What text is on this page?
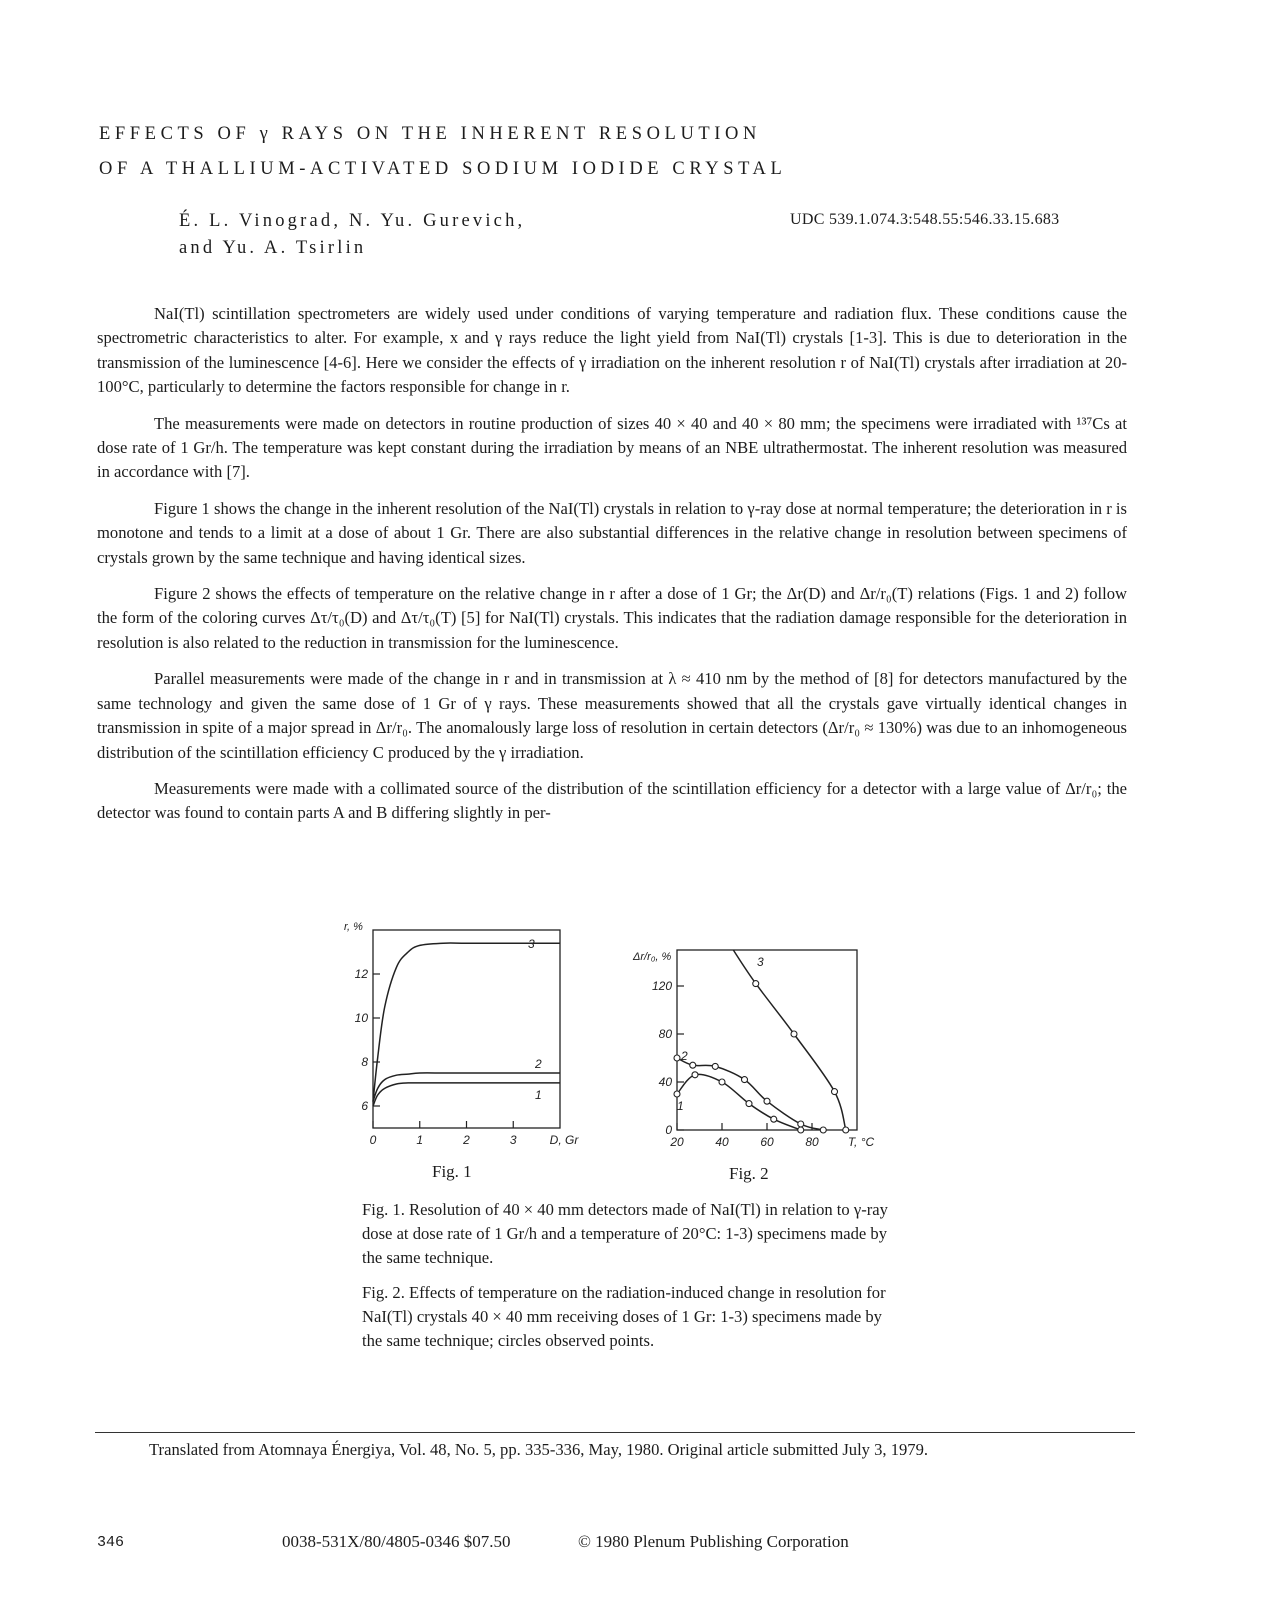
EFFECTS OF γ RAYS ON THE INHERENT RESOLUTION
OF A THALLIUM-ACTIVATED SODIUM IODIDE CRYSTAL
É. L. Vinograd, N. Yu. Gurevich,
and Yu. A. Tsirlin
UDC 539.1.074.3:548.55:546.33.15.683

NaI(Tl) scintillation spectrometers are widely used under conditions of varying temperature and radiation flux. These conditions cause the spectrometric characteristics to alter. For example, x and γ rays reduce the light yield from NaI(Tl) crystals [1-3]. This is due to deterioration in the transmission of the luminescence [4-6]. Here we consider the effects of γ irradiation on the inherent resolution r of NaI(Tl) crystals after irradiation at 20-100°C, particularly to determine the factors responsible for change in r.

The measurements were made on detectors in routine production of sizes 40 × 40 and 40 × 80 mm; the specimens were irradiated with ¹³⁷Cs at dose rate of 1 Gr/h. The temperature was kept constant during the irradiation by means of an NBE ultrathermostat. The inherent resolution was measured in accordance with [7].

Figure 1 shows the change in the inherent resolution of the NaI(Tl) crystals in relation to γ-ray dose at normal temperature; the deterioration in r is monotone and tends to a limit at a dose of about 1 Gr. There are also substantial differences in the relative change in resolution between specimens of crystals grown by the same technique and having identical sizes.

Figure 2 shows the effects of temperature on the relative change in r after a dose of 1 Gr; the Δr(D) and Δr/r₀(T) relations (Figs. 1 and 2) follow the form of the coloring curves Δτ/τ₀(D) and Δτ/τ₀(T) [5] for NaI(Tl) crystals. This indicates that the radiation damage responsible for the deterioration in resolution is also related to the reduction in transmission for the luminescence.

Parallel measurements were made of the change in r and in transmission at λ ≈ 410 nm by the method of [8] for detectors manufactured by the same technology and given the same dose of 1 Gr of γ rays. These measurements showed that all the crystals gave virtually identical changes in transmission in spite of a major spread in Δr/r₀. The anomalously large loss of resolution in certain detectors (Δr/r₀ ≈ 130%) was due to an inhomogeneous distribution of the scintillation efficiency C produced by the γ irradiation.

Measurements were made with a collimated source of the distribution of the scintillation efficiency for a detector with a large value of Δr/r₀; the detector was found to contain parts A and B differing slightly in per-

0	1	2	3
6
8
10
12
D, Gr
r, %
3
2
1
Fig. 1
20	40	60	80
0
40
80
120
T, °C
Δr/r₀, %	3
2
1
Fig. 2

Fig. 1. Resolution of 40 × 40 mm detectors made of NaI(Tl) in relation to γ-ray dose at dose rate of 1 Gr/h and a temperature of 20°C: 1-3) specimens made by the same technique.

Fig. 2. Effects of temperature on the radiation-induced change in resolution for NaI(Tl) crystals 40 × 40 mm receiving doses of 1 Gr: 1-3) specimens made by the same technique; circles observed points.

Translated from Atomnaya Énergiya, Vol. 48, No. 5, pp. 335-336, May, 1980. Original article submitted July 3, 1979.

346	0038-531X/80/4805-0346 $07.50	© 1980 Plenum Publishing Corporation
